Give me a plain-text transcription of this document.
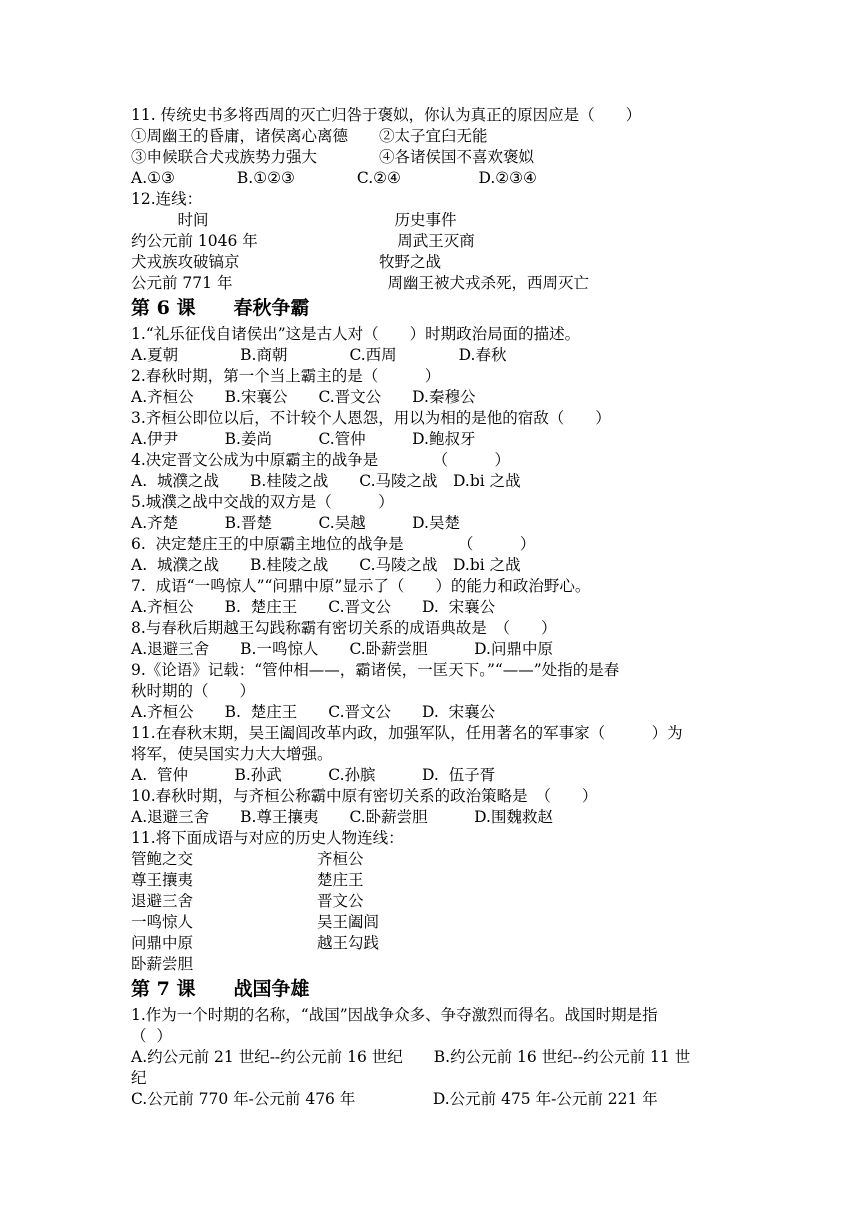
11. 传统史书多将西周的灭亡归咎于褒姒，你认为真正的原因应是（　　）
①周幽王的昏庸，诸侯离心离德　　②太子宜臼无能
③申候联合犬戎族势力强大　　　　④各诸侯国不喜欢褒姒
A.①③　　　　B.①②③　　　　C.②④　　　　　D.②③④
12.连线：
　　　时间　　　　　　　　　　　　历史事件
约公元前 1046 年　　　　　　　　　周武王灭商
犬戎族攻破镐京　　　　　　　　　牧野之战
公元前 771 年　　　　　　　　　　周幽王被犬戎杀死，西周灭亡
第 6 课　　春秋争霸
1.“礼乐征伐自诸侯出”这是古人对（　　）时期政治局面的描述。
A.夏朝　　　　B.商朝　　　　C.西周　　　　D.春秋
2.春秋时期，第一个当上霸主的是（　　　）
A.齐桓公　　B.宋襄公　　C.晋文公　　D.秦穆公
3.齐桓公即位以后，不计较个人恩怨，用以为相的是他的宿敌（　　）
A.伊尹　　　B.姜尚　　　C.管仲　　　D.鲍叔牙
4.决定晋文公成为中原霸主的战争是　　　　（　　　）
A.  城濮之战　　B.桂陵之战　　C.马陵之战　D.bi 之战
5.城濮之战中交战的双方是（　　　）
A.齐楚　　　B.晋楚　　　C.吴越　　　D.吴楚
6.  决定楚庄王的中原霸主地位的战争是　　　　（　　　）
A.  城濮之战　　B.桂陵之战　　C.马陵之战　D.bi 之战
7.  成语“一鸣惊人”“问鼎中原”显示了（　　）的能力和政治野心。
A.齐桓公　　B.  楚庄王　　C.晋文公　　D.  宋襄公
8.与春秋后期越王勾践称霸有密切关系的成语典故是　（　　）
A.退避三舍　　B.一鸣惊人　　C.卧薪尝胆　　　D.问鼎中原
9.《论语》记载：“管仲相——，霸诸侯，一匡天下。”“——”处指的是春
秋时期的（　　）
A.齐桓公　　B.  楚庄王　　C.晋文公　　D.  宋襄公
11.在春秋末期，吴王阖闾改革内政，加强军队，任用著名的军事家（　　　）为
将军，使吴国实力大大增强。
A.  管仲　　　B.孙武　　　C.孙膑　　　D.  伍子胥
10.春秋时期，与齐桓公称霸中原有密切关系的政治策略是　（　　）
A.退避三舍　　B.尊王攘夷　　C.卧薪尝胆　　　D.围魏救赵
11.将下面成语与对应的历史人物连线：
管鲍之交　　　　　　　　齐桓公
尊王攘夷　　　　　　　　楚庄王
退避三舍　　　　　　　　晋文公
一鸣惊人　　　　　　　　吴王阖闾
问鼎中原　　　　　　　　越王勾践
卧薪尝胆
第 7 课　　战国争雄
1.作为一个时期的名称，“战国”因战争众多、争夺激烈而得名。战国时期是指
（  ）
A.约公元前 21 世纪--约公元前 16 世纪　　B.约公元前 16 世纪--约公元前 11 世
纪
C.公元前 770 年-公元前 476 年　　　　　D.公元前 475 年-公元前 221 年
